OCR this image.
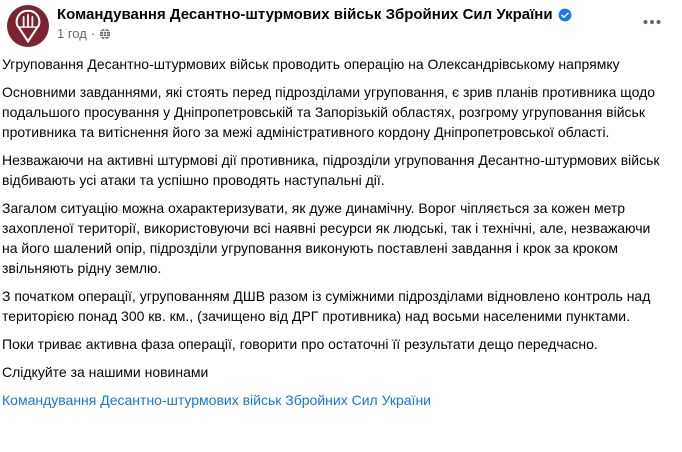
Командування Десантно-штурмових військ Збройних Сил України
1 год ·

Угруповання Десантно-штурмових військ проводить операцію на Олександрівському напрямку

Основними завданнями, які стоять перед підрозділами угруповання, є зрив планів противника щодо подальшого просування у Дніпропетровській та Запорізькій областях, розгрому угруповання військ противника та витіснення його за межі адміністративного кордону Дніпропетровської області.

Незважаючи на активні штурмові дії противника, підрозділи угруповання Десантно-штурмових військ відбивають усі атаки та успішно проводять наступальні дії.

Загалом ситуацію можна охарактеризувати, як дуже динамічну. Ворог чіпляється за кожен метр захопленої території, використовуючи всі наявні ресурси як людські, так і технічні, але, незважаючи на його шалений опір, підрозділи угруповання виконують поставлені завдання і крок за кроком звільняють рідну землю.

З початком операції, угрупованням ДШВ разом із суміжними підрозділами відновлено контроль над територією понад 300 кв. км., (зачищено від ДРГ противника) над восьми населеними пунктами.

Поки триває активна фаза операції, говорити про остаточні її результати дещо передчасно.

Слідкуйте за нашими новинами

Командування Десантно-штурмових військ Збройних Сил України
